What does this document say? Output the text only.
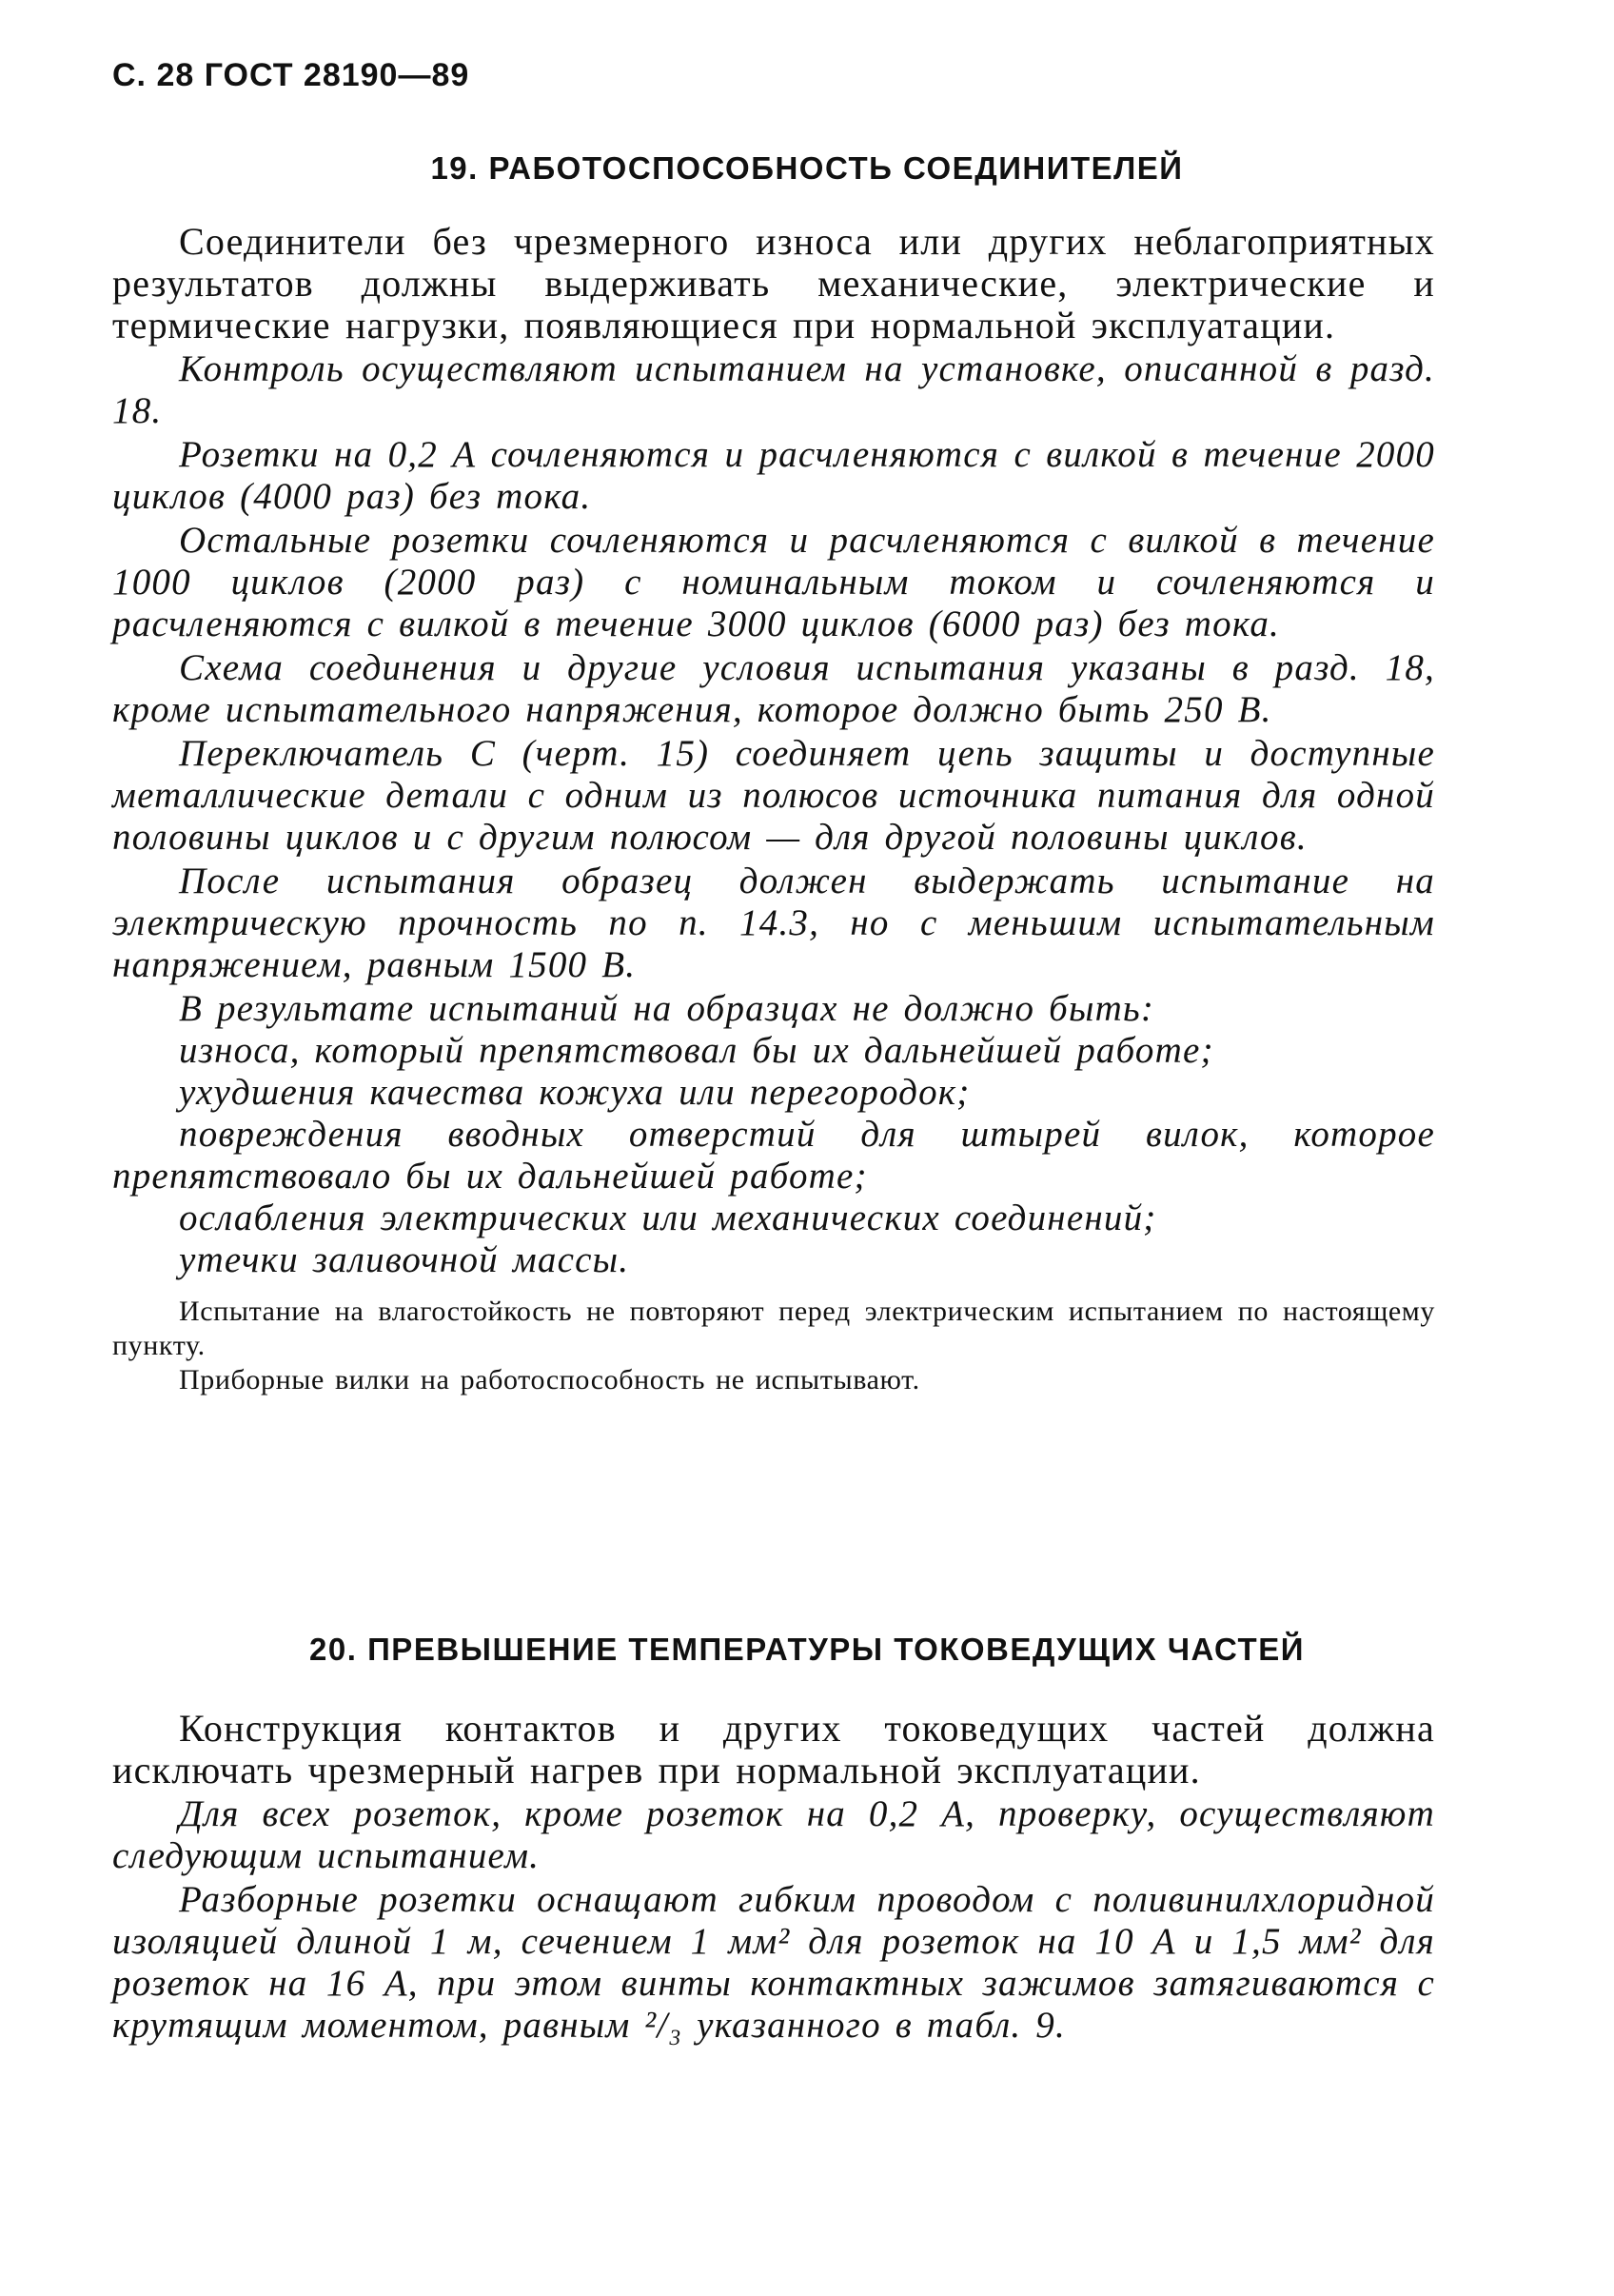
С. 28 ГОСТ 28190—89
19. РАБОТОСПОСОБНОСТЬ СОЕДИНИТЕЛЕЙ

Соединители без чрезмерного износа или других неблагоприятных результатов должны выдерживать механические, электрические и термические нагрузки, появляющиеся при нормальной эксплуатации.

Контроль осуществляют испытанием на установке, описанной в разд. 18.

Розетки на 0,2 А сочленяются и расчленяются с вилкой в течение 2000 циклов (4000 раз) без тока.

Остальные розетки сочленяются и расчленяются с вилкой в течение 1000 циклов (2000 раз) с номинальным током и сочленяются и расчленяются с вилкой в течение 3000 циклов (6000 раз) без тока.

Схема соединения и другие условия испытания указаны в разд. 18, кроме испытательного напряжения, которое должно быть 250 В.

Переключатель С (черт. 15) соединяет цепь защиты и доступные металлические детали с одним из полюсов источника питания для одной половины циклов и с другим полюсом — для другой половины циклов.

После испытания образец должен выдержать испытание на электрическую прочность по п. 14.3, но с меньшим испытательным напряжением, равным 1500 В.

В результате испытаний на образцах не должно быть:

износа, который препятствовал бы их дальнейшей работе;

ухудшения качества кожуха или перегородок;

повреждения вводных отверстий для штырей вилок, которое препятствовало бы их дальнейшей работе;

ослабления электрических или механических соединений;

утечки заливочной массы.

Испытание на влагостойкость не повторяют перед электрическим испытанием по настоящему пункту.

Приборные вилки на работоспособность не испытывают.

20. ПРЕВЫШЕНИЕ ТЕМПЕРАТУРЫ ТОКОВЕДУЩИХ ЧАСТЕЙ

Конструкция контактов и других токоведущих частей должна исключать чрезмерный нагрев при нормальной эксплуатации.

Для всех розеток, кроме розеток на 0,2 А, проверку, осуществляют следующим испытанием.

Разборные розетки оснащают гибким проводом с поливинилхлоридной изоляцией длиной 1 м, сечением 1 мм² для розеток на 10 А и 1,5 мм² для розеток на 16 А, при этом винты контактных зажимов затягиваются с крутящим моментом, равным ²/₃ указанного в табл. 9.
